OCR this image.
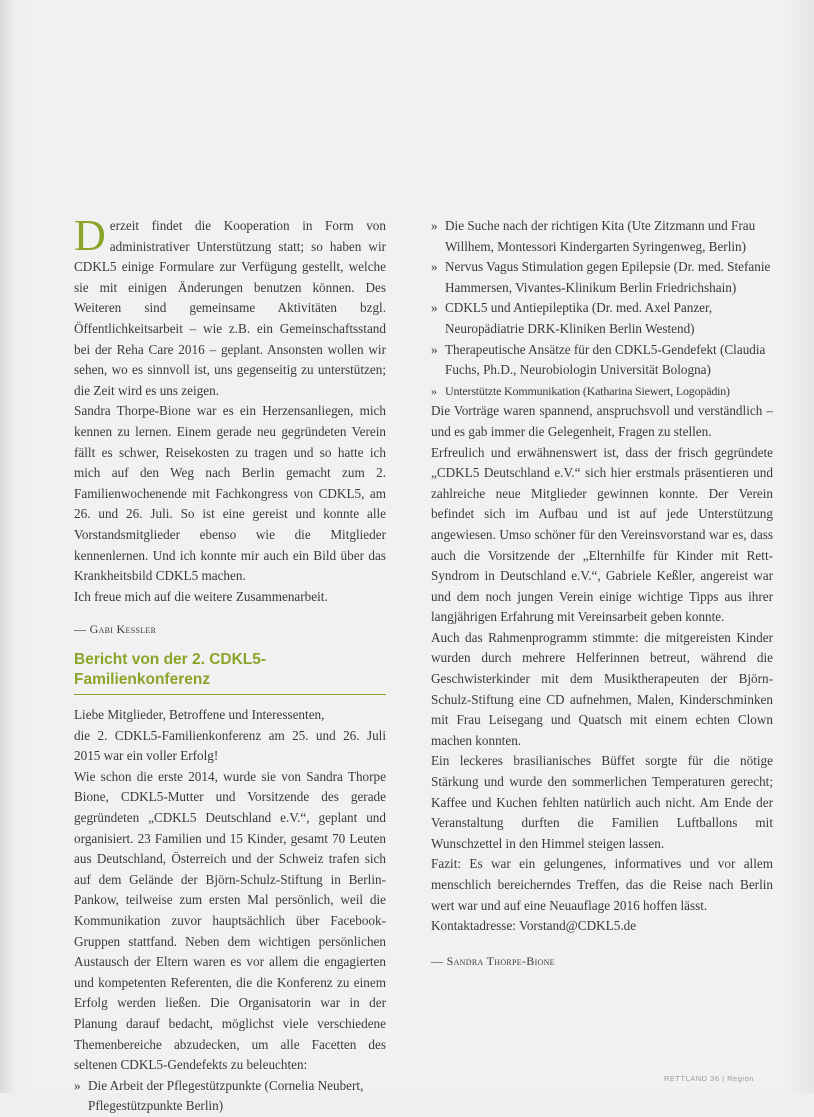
Derzeit findet die Kooperation in Form von administrativer Unterstützung statt; so haben wir CDKL5 einige Formulare zur Verfügung gestellt, welche sie mit einigen Änderungen benutzen können. Des Weiteren sind gemeinsame Aktivitäten bzgl. Öffentlichkeitsarbeit – wie z.B. ein Gemeinschaftsstand bei der Reha Care 2016 – geplant. Ansonsten wollen wir sehen, wo es sinnvoll ist, uns gegenseitig zu unterstützen; die Zeit wird es uns zeigen.

Sandra Thorpe-Bione war es ein Herzensanliegen, mich kennen zu lernen. Einem gerade neu gegründeten Verein fällt es schwer, Reisekosten zu tragen und so hatte ich mich auf den Weg nach Berlin gemacht zum 2. Familienwochenende mit Fachkongress von CDKL5, am 26. und 26. Juli. So ist eine gereist und konnte alle Vorstandsmitglieder ebenso wie die Mitglieder kennenlernen. Und ich konnte mir auch ein Bild über das Krankheitsbild CDKL5 machen.

Ich freue mich auf die weitere Zusammenarbeit.

— Gabi Kessler
Bericht von der 2. CDKL5-Familienkonferenz

Liebe Mitglieder, Betroffene und Interessenten,

die 2. CDKL5-Familienkonferenz am 25. und 26. Juli 2015 war ein voller Erfolg!

Wie schon die erste 2014, wurde sie von Sandra Thorpe Bione, CDKL5-Mutter und Vorsitzende des gerade gegründeten „CDKL5 Deutschland e.V.“, geplant und organisiert. 23 Familien und 15 Kinder, gesamt 70 Leuten aus Deutschland, Österreich und der Schweiz trafen sich auf dem Gelände der Björn-Schulz-Stiftung in Berlin-Pankow, teilweise zum ersten Mal persönlich, weil die Kommunikation zuvor hauptsächlich über Facebook-Gruppen stattfand. Neben dem wichtigen persönlichen Austausch der Eltern waren es vor allem die engagierten und kompetenten Referenten, die die Konferenz zu einem Erfolg werden ließen. Die Organisatorin war in der Planung darauf bedacht, möglichst viele verschiedene Themenbereiche abzudecken, um alle Facetten des seltenen CDKL5-Gendefekts zu beleuchten:

» Die Arbeit der Pflegestützpunkte (Cornelia Neubert, Pflegestützpunkte Berlin)
» Die Suche nach der richtigen Kita (Ute Zitzmann und Frau Willhem, Montessori Kindergarten Syringenweg, Berlin)
» Nervus Vagus Stimulation gegen Epilepsie (Dr. med. Stefanie Hammersen, Vivantes-Klinikum Berlin Friedrichshain)
» CDKL5 und Antiepileptika (Dr. med. Axel Panzer, Neuropädiatrie DRK-Kliniken Berlin Westend)
» Therapeutische Ansätze für den CDKL5-Gendefekt (Claudia Fuchs, Ph.D., Neurobiologin Universität Bologna)
» Unterstützte Kommunikation (Katharina Siewert, Logopädin)

Die Vorträge waren spannend, anspruchsvoll und verständlich – und es gab immer die Gelegenheit, Fragen zu stellen.

Erfreulich und erwähnenswert ist, dass der frisch gegründete „CDKL5 Deutschland e.V.“ sich hier erstmals präsentieren und zahlreiche neue Mitglieder gewinnen konnte. Der Verein befindet sich im Aufbau und ist auf jede Unterstützung angewiesen. Umso schöner für den Vereinsvorstand war es, dass auch die Vorsitzende der „Elternhilfe für Kinder mit Rett-Syndrom in Deutschland e.V.“, Gabriele Keßler, angereist war und dem noch jungen Verein einige wichtige Tipps aus ihrer langjährigen Erfahrung mit Vereinsarbeit geben konnte.

Auch das Rahmenprogramm stimmte: die mitgereisten Kinder wurden durch mehrere Helferinnen betreut, während die Geschwisterkinder mit dem Musiktherapeuten der Björn-Schulz-Stiftung eine CD aufnehmen, Malen, Kinderschminken mit Frau Leisegang und Quatsch mit einem echten Clown machen konnten.

Ein leckeres brasilianisches Büffet sorgte für die nötige Stärkung und wurde den sommerlichen Temperaturen gerecht; Kaffee und Kuchen fehlten natürlich auch nicht. Am Ende der Veranstaltung durften die Familien Luftballons mit Wunschzettel in den Himmel steigen lassen.

Fazit: Es war ein gelungenes, informatives und vor allem menschlich bereicherndes Treffen, das die Reise nach Berlin wert war und auf eine Neuauflage 2016 hoffen lässt.

Kontaktadresse: Vorstand@CDKL5.de

— Sandra Thorpe-Bione
RETTLAND 36 | Region
